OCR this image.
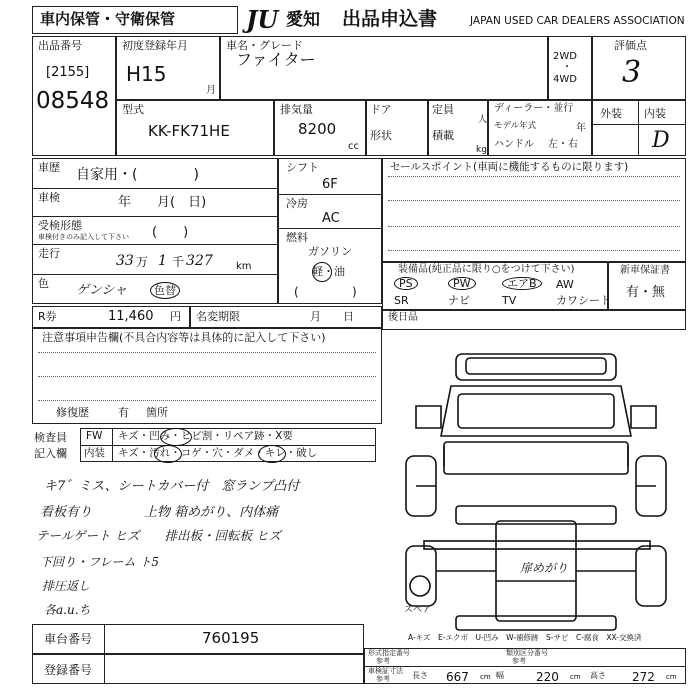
車内保管・守衛保管	JU 愛知 出品申込書	JAPAN USED CAR DEALERS ASSOCIATION
出品番号
[2155]
08548
初度登録年月
H15
月
車名・グレード
ファイター	2WD
・
4WD
評価点
3
型式
KK-FK71HE
排気量
8200
cc
ドア
形状
定員
人
積載
kg
ディーラー・並行
モデル年式	年
ハンドル 左・右
外装 内装
D
車歴 自家用・(　　　　)
車検	年　　月(　日)
受検形態
車検付きのみ記入して下さい (　　)
走行	33 万 1 千 327 km
色 ゲンシャ	色替
シフト
6F
冷房
AC
燃料
ガソリン
軽・油
(	)
セールスポイント(車両に機能するものに限ります)
装備品(純正品に限り○をつけて下さい)
PS	PW	エアB	AW
SR	ナビ	TV	カワシート
新車保証書
有・無
R券	11,460 円 名変期限	月　　日	後日品
注意事項申告欄(不具合内容等は具体的に記入して下さい)
修復歴	有 箇所
検査員
記入欄
FW キズ・凹み・ヒビ割・リペア跡・X要
内装 キズ・汚れ・コゲ・穴・ダメ・キレ・破し
キ7゛ミス、シートカバー付　窓ランプ凸付
看板有り　　　　上物 箱めがり、内体痛
テールゲート ヒズ　　排出板・回転板 ヒズ
下回り・フレーム ト5
排圧返し
各a.u.ち
扉めがり
スペア
A-キズ　E-エクボ　U-凹み　W-補修跡　S-サビ　C-腐食　XX-交換済
車台番号	760195
登録番号
形式指定番号
参考
類別区分番号
参考
車検証寸法
参考	長さ 667 cm 幅	220 cm 高さ 272 cm
